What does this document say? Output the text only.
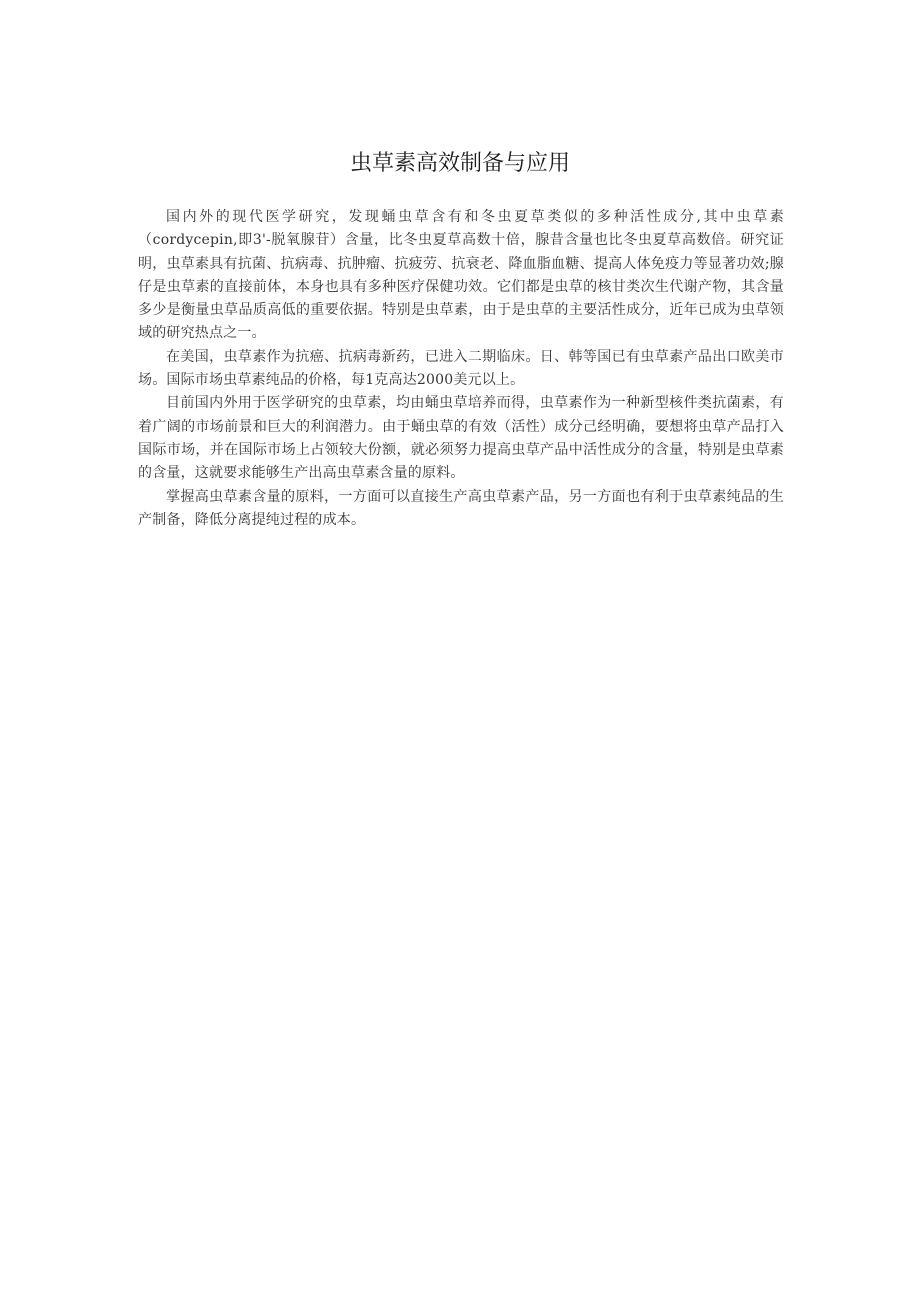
虫草素高效制备与应用

国内外的现代医学研究，发现蛹虫草含有和冬虫夏草类似的多种活性成分,其中虫草素（cordycepin,即3'-脱氧腺苷）含量，比冬虫夏草高数十倍，腺昔含量也比冬虫夏草高数倍。研究证明，虫草素具有抗菌、抗病毒、抗肿瘤、抗疲劳、抗衰老、降血脂血糖、提高人体免疫力等显著功效;腺仔是虫草素的直接前体，本身也具有多种医疗保健功效。它们都是虫草的核甘类次生代谢产物，其含量多少是衡量虫草品质高低的重要依据。特别是虫草素，由于是虫草的主要活性成分，近年已成为虫草领域的研究热点之一。

在美国，虫草素作为抗癌、抗病毒新药，已进入二期临床。日、韩等国已有虫草素产品出口欧美市场。国际市场虫草素纯品的价格，每1克高达2000美元以上。

目前国内外用于医学研究的虫草素，均由蛹虫草培养而得，虫草素作为一种新型核件类抗菌素，有着广阔的市场前景和巨大的利润潜力。由于蛹虫草的有效（活性）成分己经明确，要想将虫草产品打入国际市场，并在国际市场上占领较大份额，就必须努力提高虫草产品中活性成分的含量，特别是虫草素的含量，这就要求能够生产出高虫草素含量的原料。

掌握高虫草素含量的原料，一方面可以直接生产高虫草素产品，另一方面也有利于虫草素纯品的生产制备，降低分离提纯过程的成本。
